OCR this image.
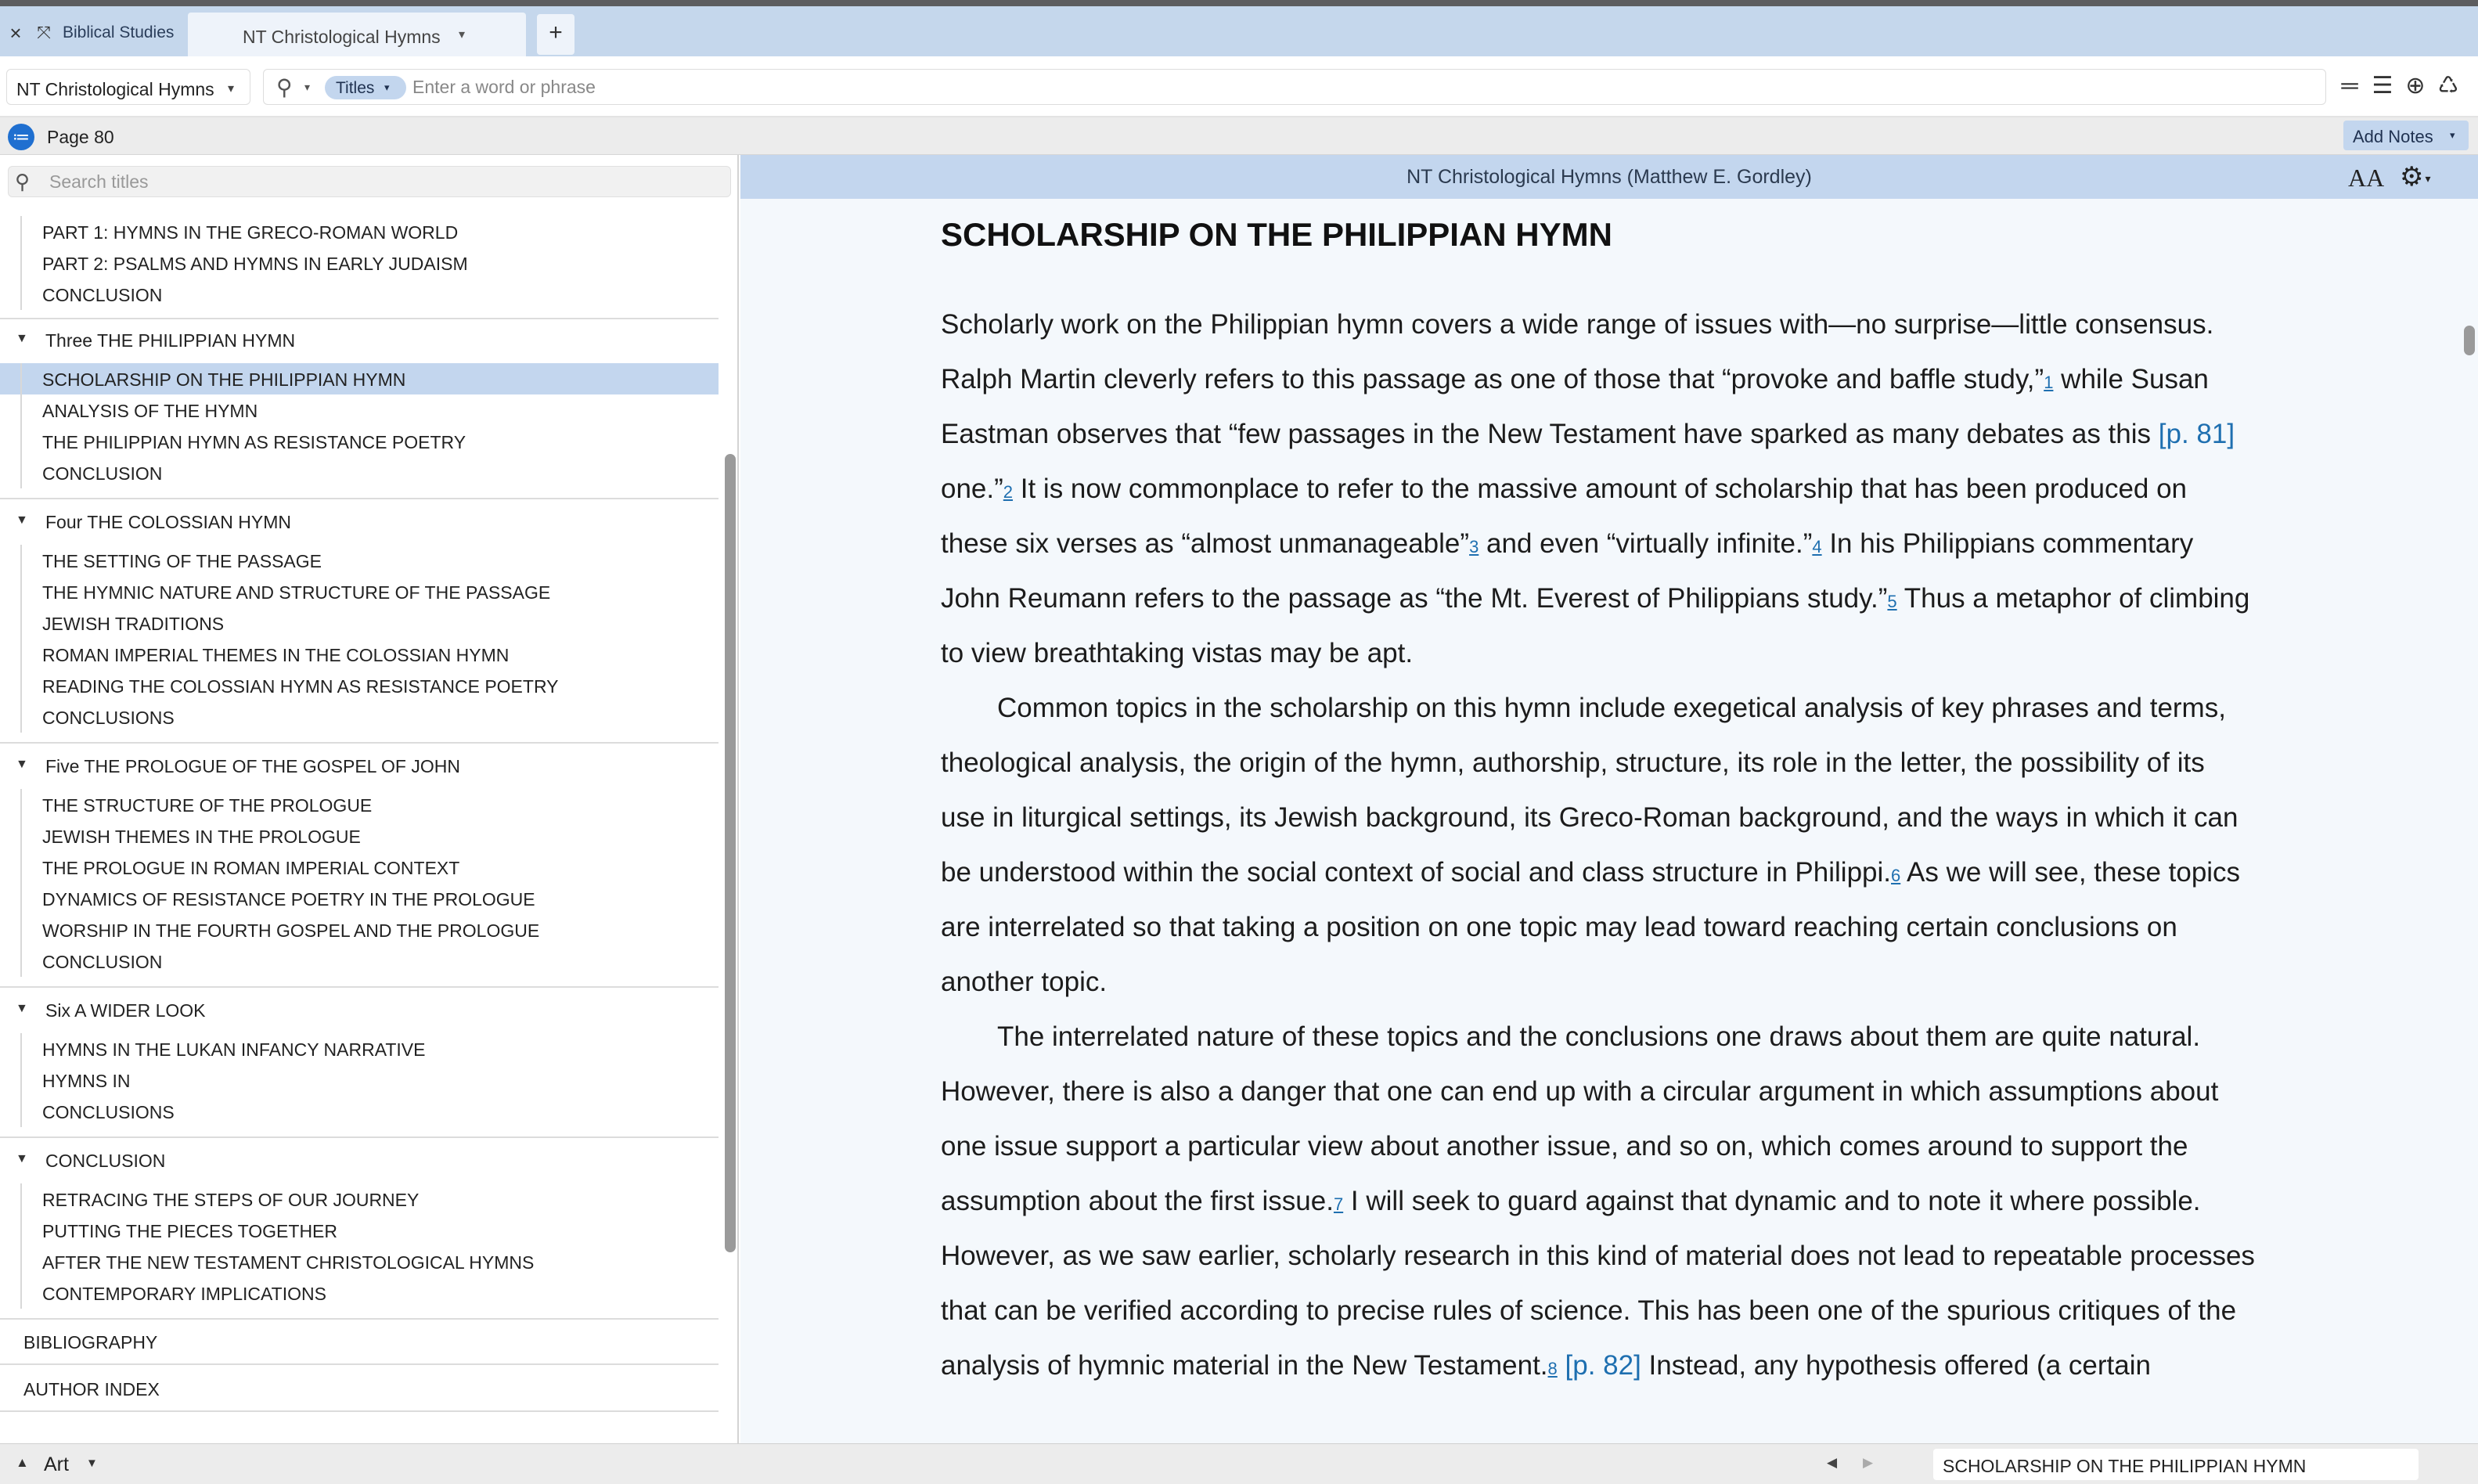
× ⤧ Biblical Studies	NT Christological Hymns ▾	+
NT Christological Hymns ▾ ⚲ ▾ Titles ▾
Enter a word or phrase	═ ☰ ⊕ ♺
≔ Page 80	Add Notes ▾
⚲
Search titles
PART 1: HYMNS IN THE GRECO-ROMAN WORLD
PART 2: PSALMS AND HYMNS IN EARLY JUDAISM
CONCLUSION
▼ Three THE PHILIPPIAN HYMN
SCHOLARSHIP ON THE PHILIPPIAN HYMN
ANALYSIS OF THE HYMN
THE PHILIPPIAN HYMN AS RESISTANCE POETRY
CONCLUSION
▼ Four THE COLOSSIAN HYMN
THE SETTING OF THE PASSAGE
THE HYMNIC NATURE AND STRUCTURE OF THE PASSAGE
JEWISH TRADITIONS
ROMAN IMPERIAL THEMES IN THE COLOSSIAN HYMN
READING THE COLOSSIAN HYMN AS RESISTANCE POETRY
CONCLUSIONS
▼ Five THE PROLOGUE OF THE GOSPEL OF JOHN
THE STRUCTURE OF THE PROLOGUE
JEWISH THEMES IN THE PROLOGUE
THE PROLOGUE IN ROMAN IMPERIAL CONTEXT
DYNAMICS OF RESISTANCE POETRY IN THE PROLOGUE
WORSHIP IN THE FOURTH GOSPEL AND THE PROLOGUE
CONCLUSION
▼ Six A WIDER LOOK
HYMNS IN THE LUKAN INFANCY NARRATIVE
HYMNS IN
CONCLUSIONS
▼ CONCLUSION
RETRACING THE STEPS OF OUR JOURNEY
PUTTING THE PIECES TOGETHER
AFTER THE NEW TESTAMENT CHRISTOLOGICAL HYMNS
CONTEMPORARY IMPLICATIONS
BIBLIOGRAPHY
AUTHOR INDEX
NT Christological Hymns (Matthew E. Gordley)	AA ⚙ ▾
SCHOLARSHIP ON THE PHILIPPIAN HYMN

Scholarly work on the Philippian hymn covers a wide range of issues with—no surprise—little consensus. Ralph Martin cleverly refers to this passage as one of those that “provoke and baffle study,”$^1$ while Susan Eastman observes that “few passages in the New Testament have sparked as many debates as this [p. 81] one.”$^2$ It is now commonplace to refer to the massive amount of scholarship that has been produced on these six verses as “almost unmanageable”$^3$ and even “virtually infinite.”$^4$ In his Philippians commentary John Reumann refers to the passage as “the Mt. Everest of Philippians study.”$^5$ Thus a metaphor of climbing to view breathtaking vistas may be apt.

Common topics in the scholarship on this hymn include exegetical analysis of key phrases and terms, theological analysis, the origin of the hymn, authorship, structure, its role in the letter, the possibility of its use in liturgical settings, its Jewish background, its Greco-Roman background, and the ways in which it can be understood within the social context of social and class structure in Philippi.$^6$ As we will see, these topics are interrelated so that taking a position on one topic may lead toward reaching certain conclusions on another topic.

The interrelated nature of these topics and the conclusions one draws about them are quite natural. However, there is also a danger that one can end up with a circular argument in which assumptions about one issue support a particular view about another issue, and so on, which comes around to support the assumption about the first issue.$^7$ I will seek to guard against that dynamic and to note it where possible. However, as we saw earlier, scholarly research in this kind of material does not lead to repeatable processes that can be verified according to precise rules of science. This has been one of the spurious critiques of the analysis of hymnic material in the New Testament.$^8$ [p. 82] Instead, any hypothesis offered (a certain

▲ Art ▼	◀ ▶	SCHOLARSHIP ON THE PHILIPPIAN HYMN
